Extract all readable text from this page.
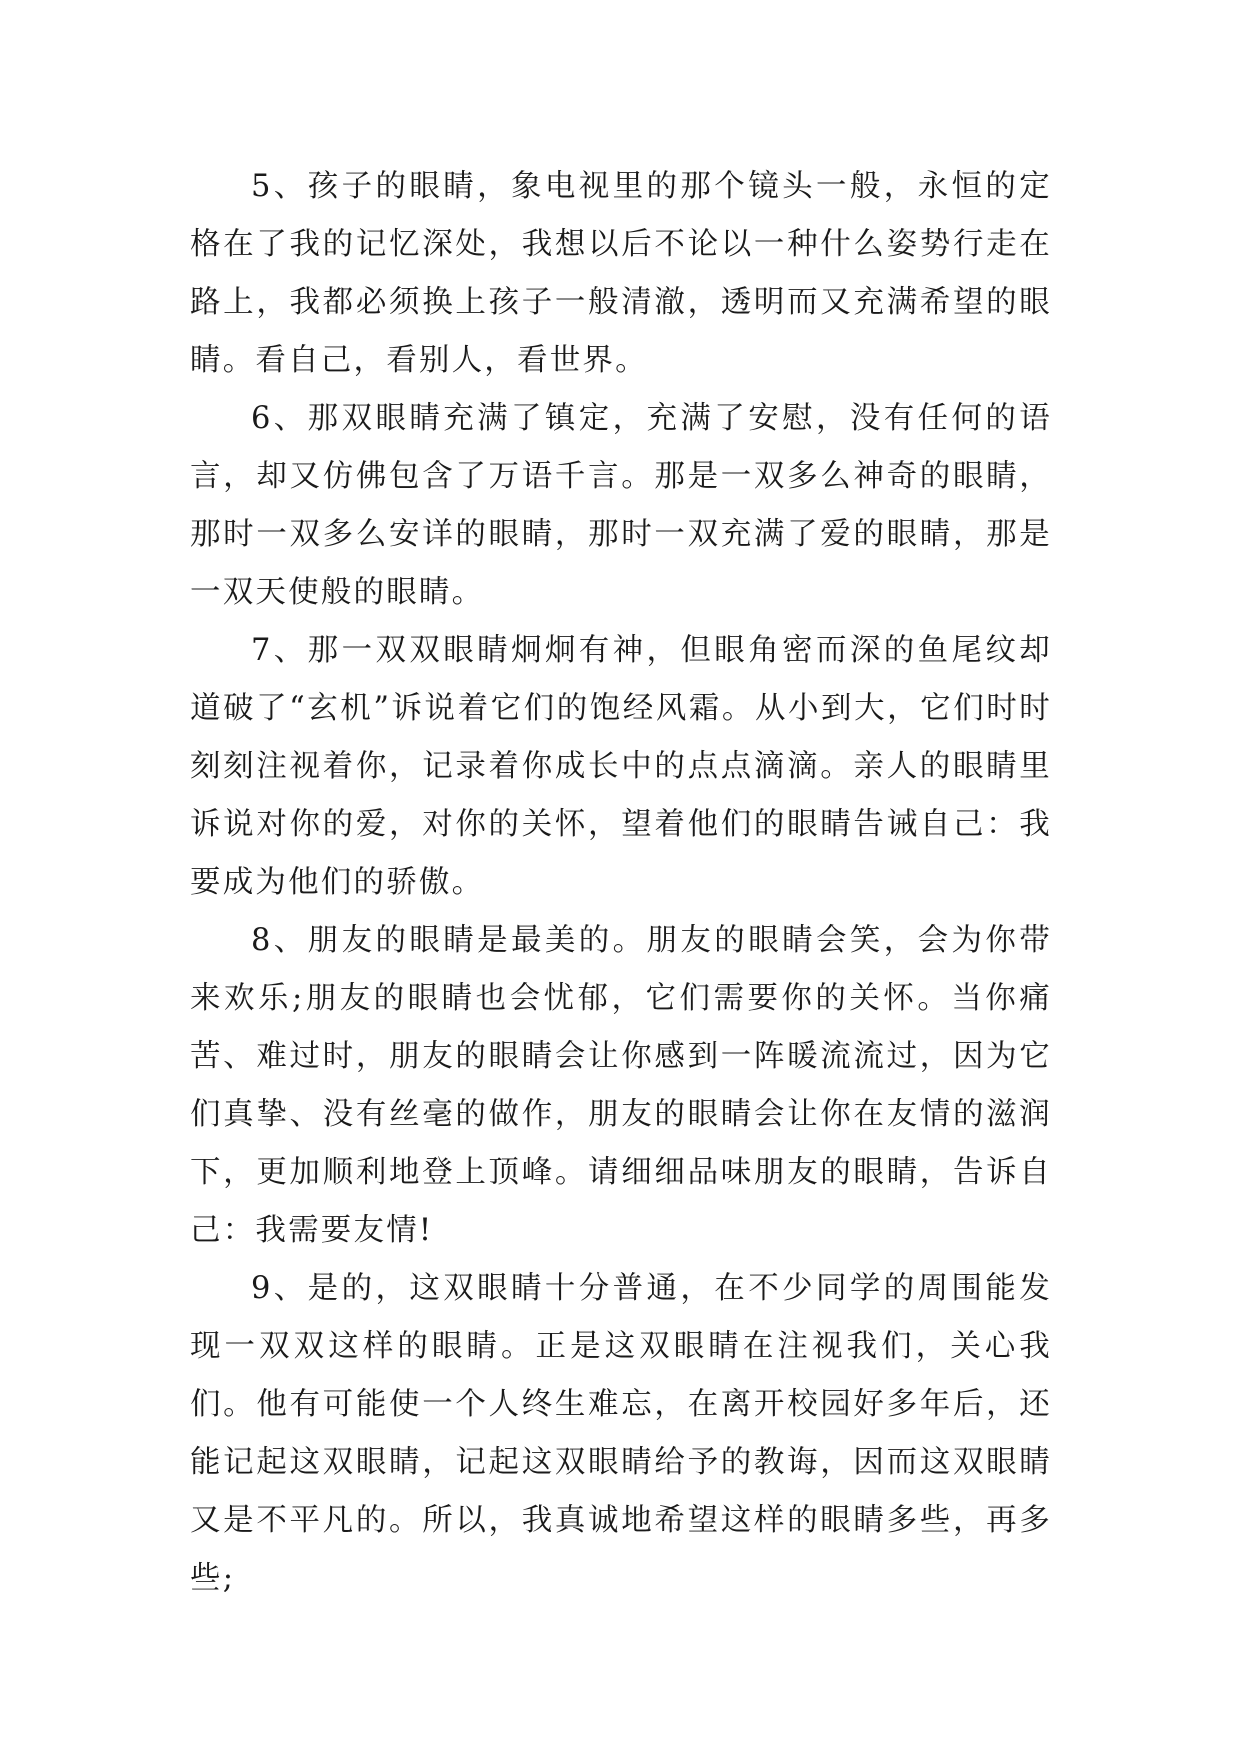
5、孩子的眼睛，象电视里的那个镜头一般，永恒的定格在了我的记忆深处，我想以后不论以一种什么姿势行走在路上，我都必须换上孩子一般清澈，透明而又充满希望的眼睛。看自己，看别人，看世界。

6、那双眼睛充满了镇定，充满了安慰，没有任何的语言，却又仿佛包含了万语千言。那是一双多么神奇的眼睛，那时一双多么安详的眼睛，那时一双充满了爱的眼睛，那是一双天使般的眼睛。

7、那一双双眼睛炯炯有神，但眼角密而深的鱼尾纹却道破了“玄机”诉说着它们的饱经风霜。从小到大，它们时时刻刻注视着你，记录着你成长中的点点滴滴。亲人的眼睛里诉说对你的爱，对你的关怀，望着他们的眼睛告诫自己：我要成为他们的骄傲。

8、朋友的眼睛是最美的。朋友的眼睛会笑，会为你带来欢乐;朋友的眼睛也会忧郁，它们需要你的关怀。当你痛苦、难过时，朋友的眼睛会让你感到一阵暖流流过，因为它们真挚、没有丝毫的做作，朋友的眼睛会让你在友情的滋润下，更加顺利地登上顶峰。请细细品味朋友的眼睛，告诉自己：我需要友情!

9、是的，这双眼睛十分普通，在不少同学的周围能发现一双双这样的眼睛。正是这双眼睛在注视我们，关心我们。他有可能使一个人终生难忘，在离开校园好多年后，还能记起这双眼睛，记起这双眼睛给予的教诲，因而这双眼睛又是不平凡的。所以，我真诚地希望这样的眼睛多些，再多些;
